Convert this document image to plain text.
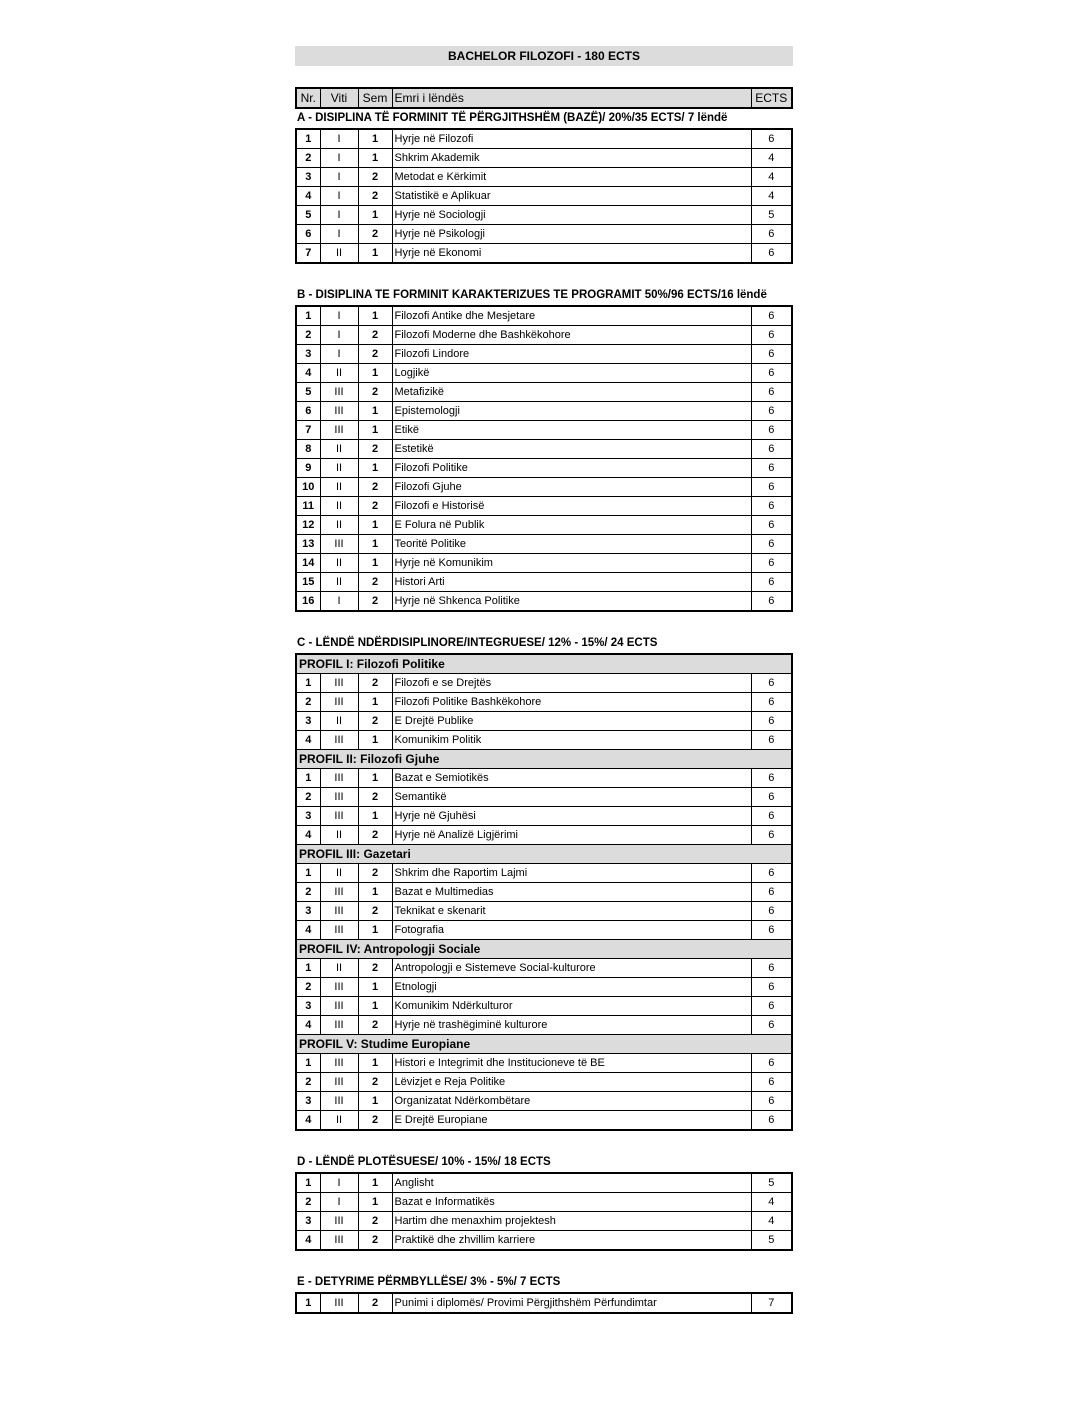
BACHELOR FILOZOFI - 180 ECTS
Nr.	Viti	Sem	Emri i lëndës	ECTS
A - DISIPLINA TË FORMINIT TË PËRGJITHSHËM (BAZË)/ 20%/35 ECTS/ 7 lëndë
1	I	1	Hyrje në Filozofi	6
2	I	1	Shkrim Akademik	4
3	I	2	Metodat e Kërkimit	4
4	I	2	Statistikë e Aplikuar	4
5	I	1	Hyrje në Sociologji	5
6	I	2	Hyrje në Psikologji	6
7	II	1	Hyrje në Ekonomi	6
B - DISIPLINA TE FORMINIT KARAKTERIZUES TE PROGRAMIT 50%/96 ECTS/16 lëndë
1	I	1	Filozofi Antike dhe Mesjetare	6
2	I	2	Filozofi Moderne dhe Bashkëkohore	6
3	I	2	Filozofi Lindore	6
4	II	1	Logjikë	6
5	III	2	Metafizikë	6
6	III	1	Epistemologji	6
7	III	1	Etikë	6
8	II	2	Estetikë	6
9	II	1	Filozofi Politike	6
10	II	2	Filozofi Gjuhe	6
11	II	2	Filozofi e Historisë	6
12	II	1	E Folura në Publik	6
13	III	1	Teoritë Politike	6
14	II	1	Hyrje në Komunikim	6
15	II	2	Histori Arti	6
16	I	2	Hyrje në Shkenca Politike	6
C - LËNDË NDËRDISIPLINORE/INTEGRUESE/ 12% - 15%/ 24 ECTS
PROFIL I: Filozofi Politike				
1	III	2	Filozofi e se Drejtës	6
2	III	1	Filozofi Politike Bashkëkohore	6
3	II	2	E Drejtë Publike	6
4	III	1	Komunikim Politik	6
PROFIL II: Filozofi Gjuhe				
1	III	1	Bazat e Semiotikës	6
2	III	2	Semantikë	6
3	III	1	Hyrje në Gjuhësi	6
4	II	2	Hyrje në Analizë Ligjërimi	6
PROFIL III: Gazetari				
1	II	2	Shkrim dhe Raportim Lajmi	6
2	III	1	Bazat e Multimedias	6
3	III	2	Teknikat e skenarit	6
4	III	1	Fotografia	6
PROFIL IV: Antropologji Sociale				
1	II	2	Antropologji e Sistemeve Social-kulturore	6
2	III	1	Etnologji	6
3	III	1	Komunikim Ndërkulturor	6
4	III	2	Hyrje në trashëgiminë kulturore	6
PROFIL V: Studime Europiane				
1	III	1	Histori e Integrimit dhe Institucioneve të BE	6
2	III	2	Lëvizjet e Reja Politike	6
3	III	1	Organizatat Ndërkombëtare	6
4	II	2	E Drejtë Europiane	6
D - LËNDË PLOTËSUESE/ 10% - 15%/ 18 ECTS
1	I	1	Anglisht	5
2	I	1	Bazat e Informatikës	4
3	III	2	Hartim dhe menaxhim projektesh	4
4	III	2	Praktikë dhe zhvillim karriere	5
E - DETYRIME PËRMBYLLËSE/ 3% - 5%/ 7 ECTS
1	III	2	Punimi i diplomës/ Provimi Përgjithshëm Përfundimtar	7
